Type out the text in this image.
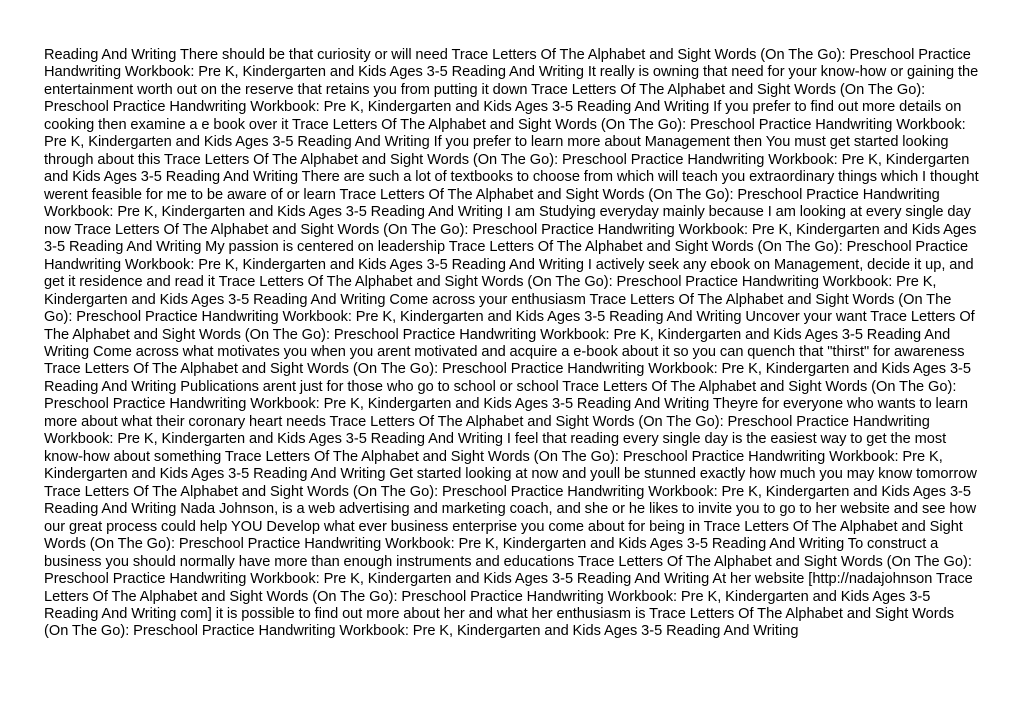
Reading And Writing There should be that curiosity or will need Trace Letters Of The Alphabet and Sight Words (On The Go): Preschool Practice Handwriting Workbook: Pre K, Kindergarten and Kids Ages 3-5 Reading And Writing It really is owning that need for your know-how or gaining the entertainment worth out on the reserve that retains you from putting it down Trace Letters Of The Alphabet and Sight Words (On The Go): Preschool Practice Handwriting Workbook: Pre K, Kindergarten and Kids Ages 3-5 Reading And Writing If you prefer to find out more details on cooking then examine a e book over it Trace Letters Of The Alphabet and Sight Words (On The Go): Preschool Practice Handwriting Workbook: Pre K, Kindergarten and Kids Ages 3-5 Reading And Writing If you prefer to learn more about Management then You must get started looking through about this Trace Letters Of The Alphabet and Sight Words (On The Go): Preschool Practice Handwriting Workbook: Pre K, Kindergarten and Kids Ages 3-5 Reading And Writing There are such a lot of textbooks to choose from which will teach you extraordinary things which I thought werent feasible for me to be aware of or learn Trace Letters Of The Alphabet and Sight Words (On The Go): Preschool Practice Handwriting Workbook: Pre K, Kindergarten and Kids Ages 3-5 Reading And Writing I am Studying everyday mainly because I am looking at every single day now Trace Letters Of The Alphabet and Sight Words (On The Go): Preschool Practice Handwriting Workbook: Pre K, Kindergarten and Kids Ages 3-5 Reading And Writing My passion is centered on leadership Trace Letters Of The Alphabet and Sight Words (On The Go): Preschool Practice Handwriting Workbook: Pre K, Kindergarten and Kids Ages 3-5 Reading And Writing I actively seek any ebook on Management, decide it up, and get it residence and read it Trace Letters Of The Alphabet and Sight Words (On The Go): Preschool Practice Handwriting Workbook: Pre K, Kindergarten and Kids Ages 3-5 Reading And Writing Come across your enthusiasm Trace Letters Of The Alphabet and Sight Words (On The Go): Preschool Practice Handwriting Workbook: Pre K, Kindergarten and Kids Ages 3-5 Reading And Writing Uncover your want Trace Letters Of The Alphabet and Sight Words (On The Go): Preschool Practice Handwriting Workbook: Pre K, Kindergarten and Kids Ages 3-5 Reading And Writing Come across what motivates you when you arent motivated and acquire a e-book about it so you can quench that "thirst" for awareness Trace Letters Of The Alphabet and Sight Words (On The Go): Preschool Practice Handwriting Workbook: Pre K, Kindergarten and Kids Ages 3-5 Reading And Writing Publications arent just for those who go to school or school Trace Letters Of The Alphabet and Sight Words (On The Go): Preschool Practice Handwriting Workbook: Pre K, Kindergarten and Kids Ages 3-5 Reading And Writing Theyre for everyone who wants to learn more about what their coronary heart needs Trace Letters Of The Alphabet and Sight Words (On The Go): Preschool Practice Handwriting Workbook: Pre K, Kindergarten and Kids Ages 3-5 Reading And Writing I feel that reading every single day is the easiest way to get the most know-how about something Trace Letters Of The Alphabet and Sight Words (On The Go): Preschool Practice Handwriting Workbook: Pre K, Kindergarten and Kids Ages 3-5 Reading And Writing Get started looking at now and youll be stunned exactly how much you may know tomorrow Trace Letters Of The Alphabet and Sight Words (On The Go): Preschool Practice Handwriting Workbook: Pre K, Kindergarten and Kids Ages 3-5 Reading And Writing Nada Johnson, is a web advertising and marketing coach, and she or he likes to invite you to go to her website and see how our great process could help YOU Develop what ever business enterprise you come about for being in Trace Letters Of The Alphabet and Sight Words (On The Go): Preschool Practice Handwriting Workbook: Pre K, Kindergarten and Kids Ages 3-5 Reading And Writing To construct a business you should normally have more than enough instruments and educations Trace Letters Of The Alphabet and Sight Words (On The Go): Preschool Practice Handwriting Workbook: Pre K, Kindergarten and Kids Ages 3-5 Reading And Writing At her website [http://nadajohnson Trace Letters Of The Alphabet and Sight Words (On The Go): Preschool Practice Handwriting Workbook: Pre K, Kindergarten and Kids Ages 3-5 Reading And Writing com] it is possible to find out more about her and what her enthusiasm is Trace Letters Of The Alphabet and Sight Words (On The Go): Preschool Practice Handwriting Workbook: Pre K, Kindergarten and Kids Ages 3-5 Reading And Writing
